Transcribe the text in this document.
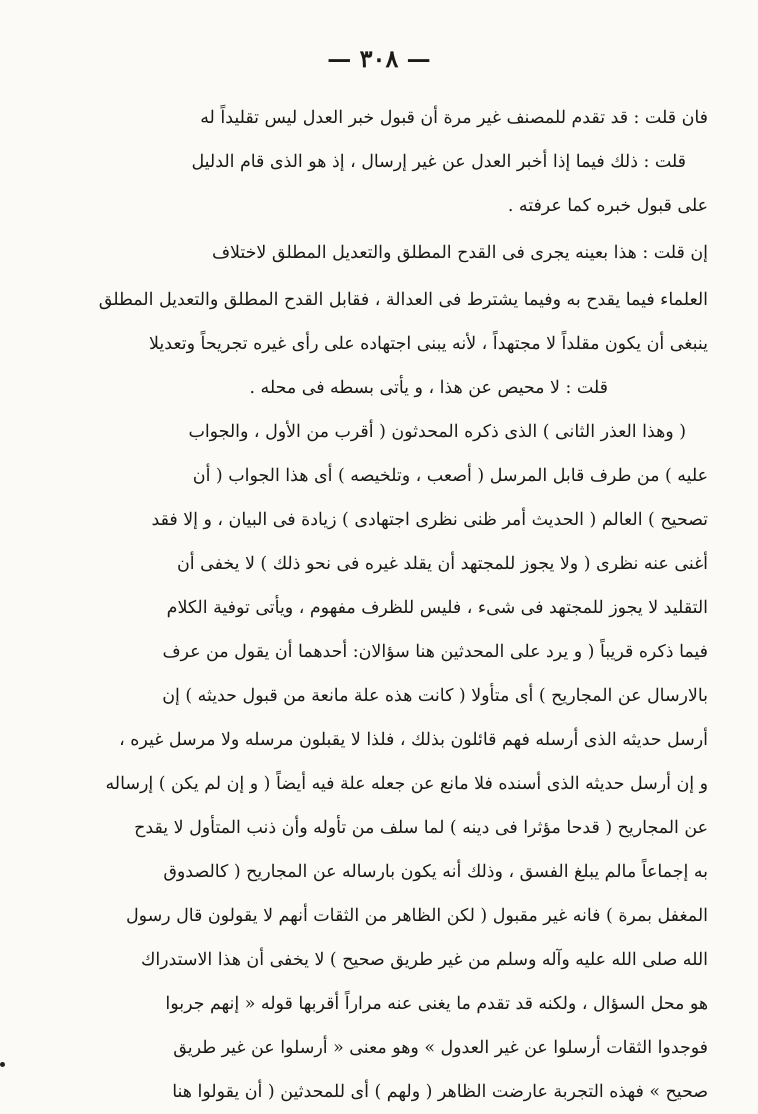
— ٣٠٨ —
فان قلت : قد تقدم للمصنف غير مرة أن قبول خبر العدل ليس تقليداً له
قلت : ذلك فيما إذا أخبر العدل عن غير إرسال ، إذ هو الذى قام الدليل
على قبول خبره كما عرفته .
إن قلت : هذا بعينه يجرى فى القدح المطلق والتعديل المطلق لاختلاف
العلماء فيما يقدح به وفيما يشترط فى العدالة ، فقابل القدح المطلق والتعديل المطلق
ينبغى أن يكون مقلداً لا مجتهداً ، لأنه يبنى اجتهاده على رأى غيره تجريحاً وتعديلا
قلت : لا محيص عن هذا ، و يأتى بسطه فى محله .
( وهذا العذر الثانى ) الذى ذكره المحدثون ( أقرب من الأول ، والجواب
عليه ) من طرف قابل المرسل ( أصعب ، وتلخيصه ) أى هذا الجواب ( أن
تصحيح ) العالم ( الحديث أمر ظنى نظرى اجتهادى ) زيادة فى البيان ، و إلا فقد
أغنى عنه نظرى ( ولا يجوز للمجتهد أن يقلد غيره فى نحو ذلك ) لا يخفى أن
التقليد لا يجوز للمجتهد فى شىء ، فليس للظرف مفهوم ، ويأتى توفية الكلام
فيما ذكره قريباً ( و يرد على المحدثين هنا سؤالان: أحدهما أن يقول من عرف
بالارسال عن المجاريح ) أى متأولا ( كانت هذه علة مانعة من قبول حديثه ) إن
أرسل حديثه الذى أرسله فهم قائلون بذلك ، فلذا لا يقبلون مرسله ولا مرسل غيره ،
و إن أرسل حديثه الذى أسنده فلا مانع عن جعله علة فيه أيضاً ( و إن لم يكن ) إرساله
عن المجاريح ( قدحا مؤثرا فى دينه ) لما سلف من تأوله وأن ذنب المتأول لا يقدح
به إجماعاً مالم يبلغ الفسق ، وذلك أنه يكون بارساله عن المجاريح ( كالصدوق
المغفل بمرة ) فانه غير مقبول ( لكن الظاهر من الثقات أنهم لا يقولون قال رسول
الله صلى الله عليه وآله وسلم من غير طريق صحيح ) لا يخفى أن هذا الاستدراك
هو محل السؤال ، ولكنه قد تقدم ما يغنى عنه مراراً أقربها قوله « إنهم جربوا
فوجدوا الثقات أرسلوا عن غير العدول » وهو معنى « أرسلوا عن غير طريق
صحيح » فهذه التجربة عارضت الظاهر ( ولهم ) أى للمحدثين ( أن يقولوا هنا
